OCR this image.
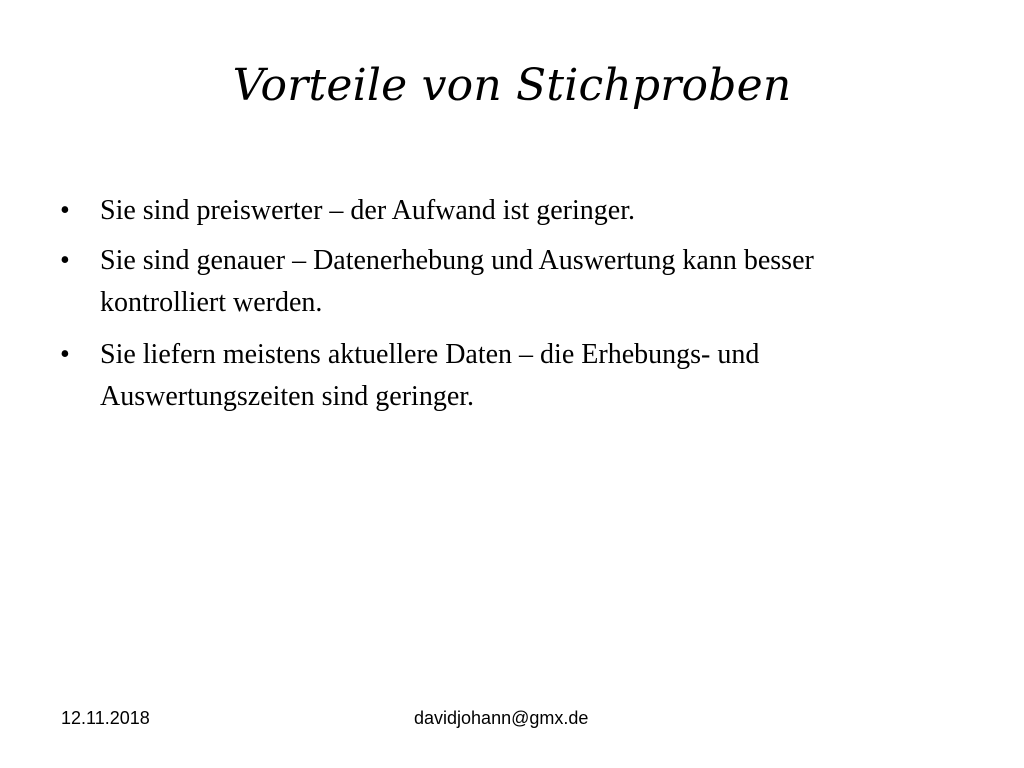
Vorteile von Stichproben
•	Sie sind preiswerter – der Aufwand ist geringer.
•	Sie sind genauer – Datenerhebung und Auswertung kann besser kontrolliert werden.
•	Sie liefern meistens aktuellere Daten – die Erhebungs- und Auswertungszeiten sind geringer.
12.11.2018	davidjohann@gmx.de
